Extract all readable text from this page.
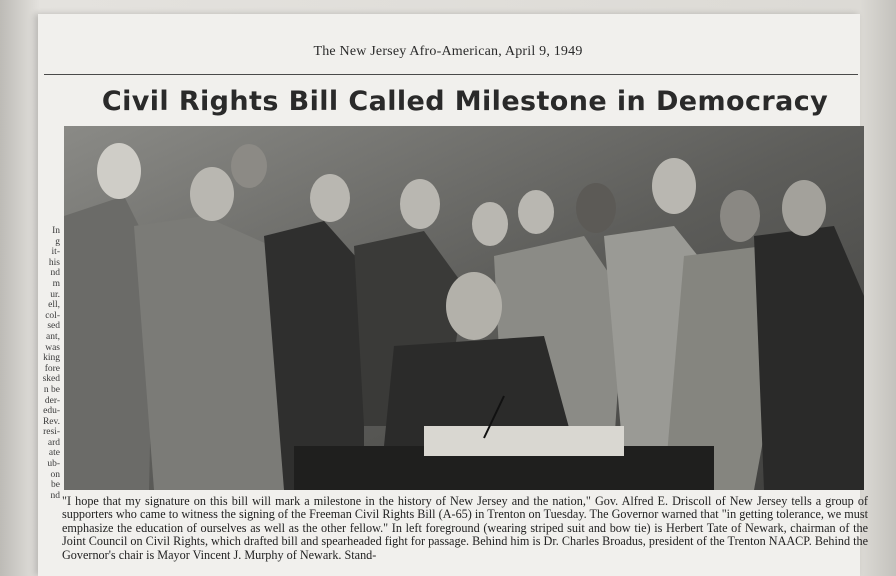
The New Jersey Afro-American, April 9, 1949
Civil Rights Bill Called Milestone in Democracy
In
g
it-
his
nd
m
ur.
ell,
col-
sed
ant,
was
king
fore
sked
n be
der-
edu-
Rev.
resi-
ard
ate
ub-
on
be
nd "I hope that my signature on this bill will mark a milestone in the history of New Jersey and the nation," Gov. Alfred E. Driscoll of New Jersey tells a group of supporters who came to witness the signing of the Freeman Civil Rights Bill (A-65) in Trenton on Tuesday. The Governor warned that "in getting tolerance, we must emphasize the education of ourselves as well as the other fellow." In left foreground (wearing striped suit and bow tie) is Herbert Tate of Newark, chairman of the Joint Council on Civil Rights, which drafted bill and spearheaded fight for passage. Behind him is Dr. Charles Broadus, president of the Trenton NAACP. Behind the Governor's chair is Mayor Vincent J. Murphy of Newark. Stand-
